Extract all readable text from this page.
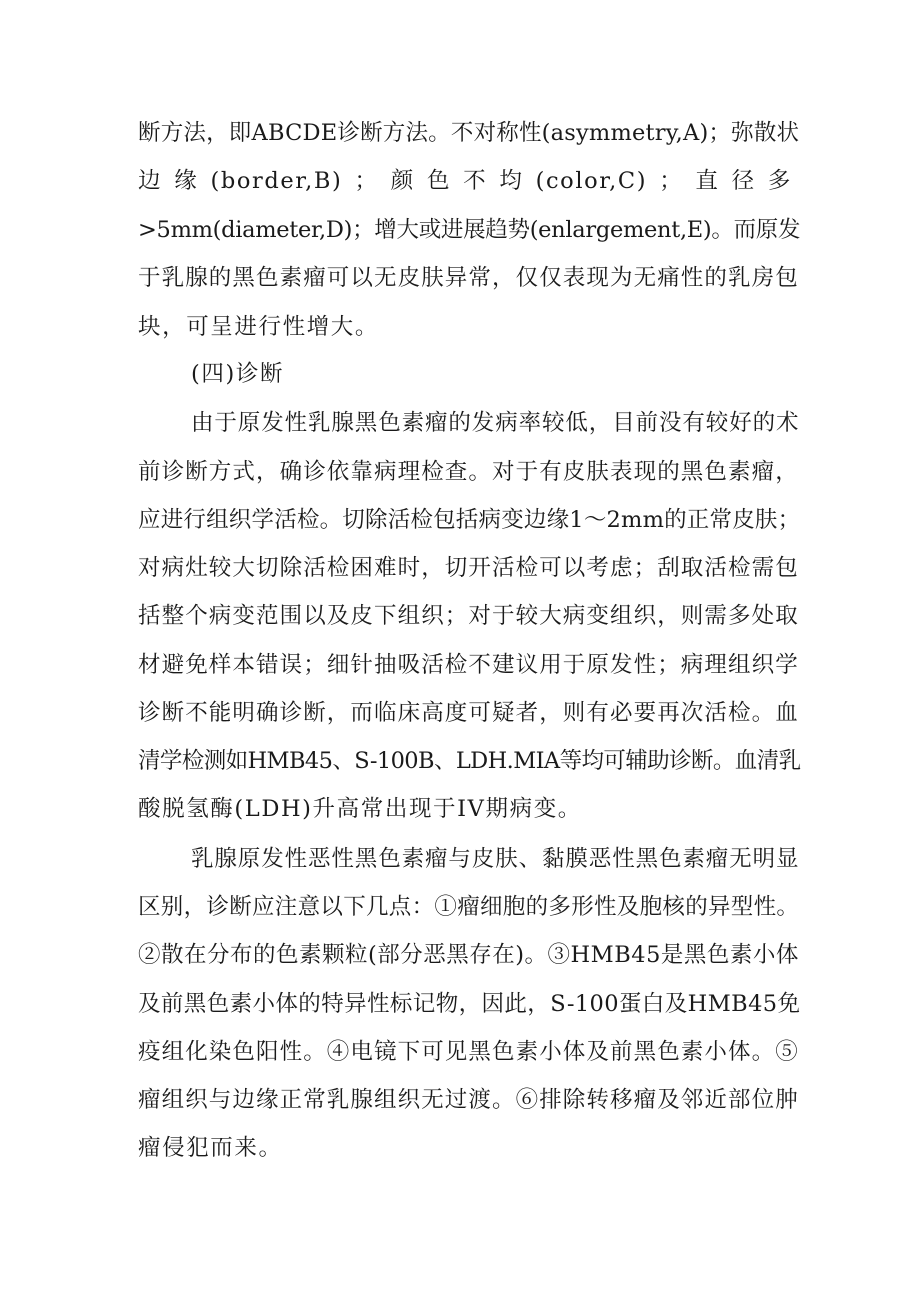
断方法，即ABCDE诊断方法。不对称性(asymmetry,A)；弥散状
边 缘 (border,B) ； 颜 色 不 均 (color,C) ； 直 径 多
>5mm(diameter,D)；增大或进展趋势(enlargement,E)。而原发
于乳腺的黑色素瘤可以无皮肤异常，仅仅表现为无痛性的乳房包
块，可呈进行性增大。
(四)诊断
由于原发性乳腺黑色素瘤的发病率较低，目前没有较好的术
前诊断方式，确诊依靠病理检查。对于有皮肤表现的黑色素瘤，
应进行组织学活检。切除活检包括病变边缘1～2mm的正常皮肤；
对病灶较大切除活检困难时，切开活检可以考虑；刮取活检需包
括整个病变范围以及皮下组织；对于较大病变组织，则需多处取
材避免样本错误；细针抽吸活检不建议用于原发性；病理组织学
诊断不能明确诊断，而临床高度可疑者，则有必要再次活检。血
清学检测如HMB45、S-100B、LDH.MIA等均可辅助诊断。血清乳
酸脱氢酶(LDH)升高常出现于IV期病变。
乳腺原发性恶性黑色素瘤与皮肤、黏膜恶性黑色素瘤无明显
区别，诊断应注意以下几点：①瘤细胞的多形性及胞核的异型性。
②散在分布的色素颗粒(部分恶黑存在)。③HMB45是黑色素小体
及前黑色素小体的特异性标记物，因此，S-100蛋白及HMB45免
疫组化染色阳性。④电镜下可见黑色素小体及前黑色素小体。⑤
瘤组织与边缘正常乳腺组织无过渡。⑥排除转移瘤及邻近部位肿
瘤侵犯而来。
